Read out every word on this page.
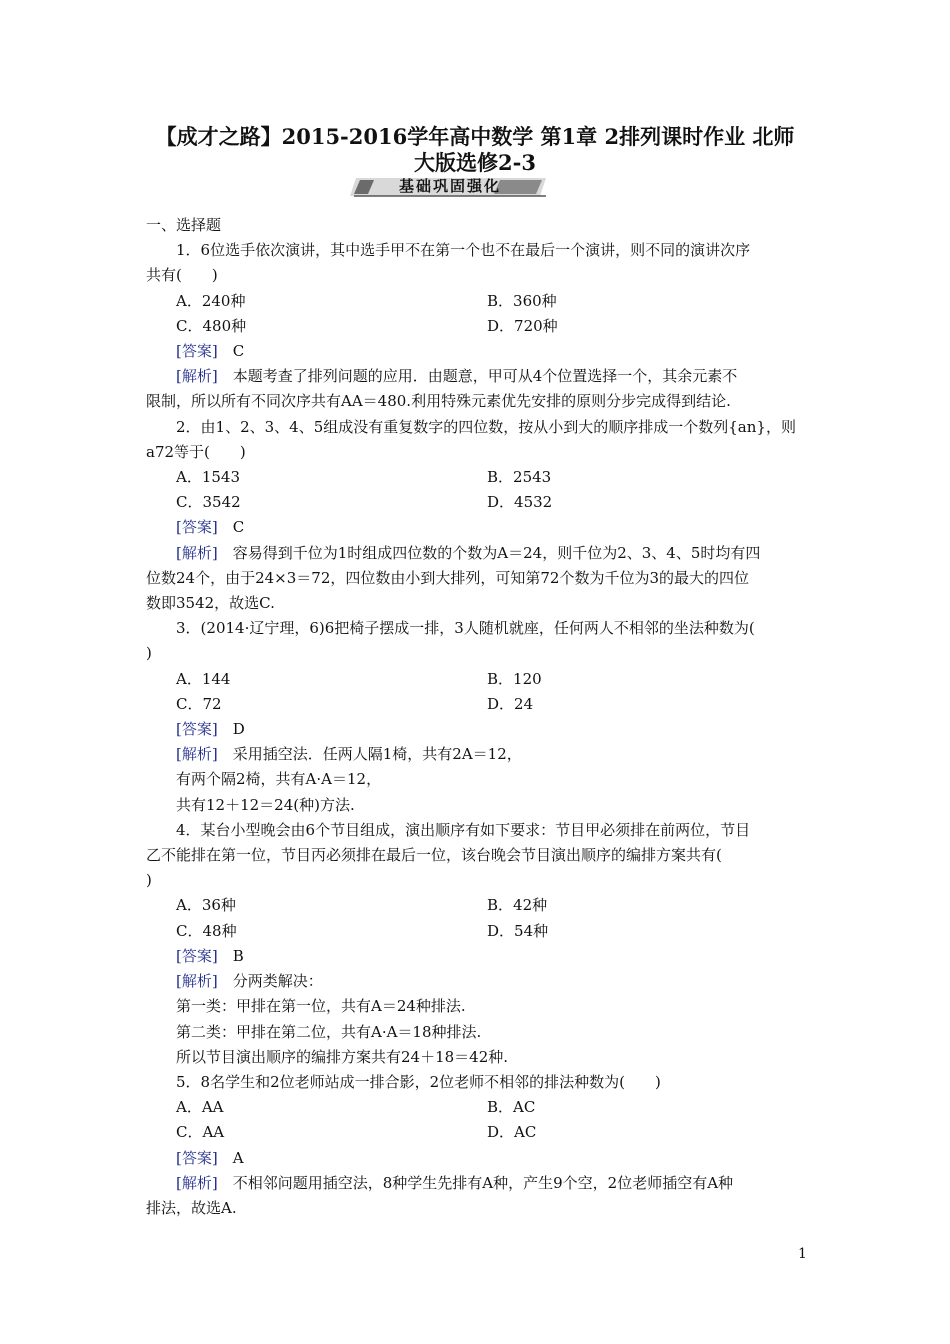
【成才之路】2015-2016学年高中数学 第1章 2排列课时作业 北师
大版选修2-3
基础巩固强化

一、选择题

1．6位选手依次演讲，其中选手甲不在第一个也不在最后一个演讲，则不同的演讲次序

共有(　　)

A．240种	B．360种
C．480种	D．720种

[答案]　 C

[解析]　 本题考查了排列问题的应用．由题意，甲可从4个位置选择一个，其余元素不

限制，所以所有不同次序共有AA＝480.利用特殊元素优先安排的原则分步完成得到结论.

2．由1、2、3、4、5组成没有重复数字的四位数，按从小到大的顺序排成一个数列{an}，则

a72等于(　　)

A．1543	B．2543
C．3542	D．4532

[答案]　 C

[解析]　 容易得到千位为1时组成四位数的个数为A＝24，则千位为2、3、4、5时均有四

位数24个，由于24×3＝72，四位数由小到大排列，可知第72个数为千位为3的最大的四位

数即3542，故选C.

3．(2014·辽宁理，6)6把椅子摆成一排，3人随机就座，任何两人不相邻的坐法种数为(

)

A．144	B．120
C．72	D．24

[答案]　 D

[解析]　 采用插空法．任两人隔1椅，共有2A＝12，

有两个隔2椅，共有A·A＝12，

共有12＋12＝24(种)方法.

4．某台小型晚会由6个节目组成，演出顺序有如下要求：节目甲必须排在前两位，节目

乙不能排在第一位，节目丙必须排在最后一位，该台晚会节目演出顺序的编排方案共有(

)

A．36种	B．42种
C．48种	D．54种

[答案]　 B

[解析]　 分两类解决：

第一类：甲排在第一位，共有A＝24种排法.

第二类：甲排在第二位，共有A·A＝18种排法.

所以节目演出顺序的编排方案共有24＋18＝42种.

5．8名学生和2位老师站成一排合影，2位老师不相邻的排法种数为(　　)

A．AA	B．AC
C．AA	D．AC

[答案]　 A

[解析]　 不相邻问题用插空法，8种学生先排有A种，产生9个空，2位老师插空有A种

排法，故选A.

1
